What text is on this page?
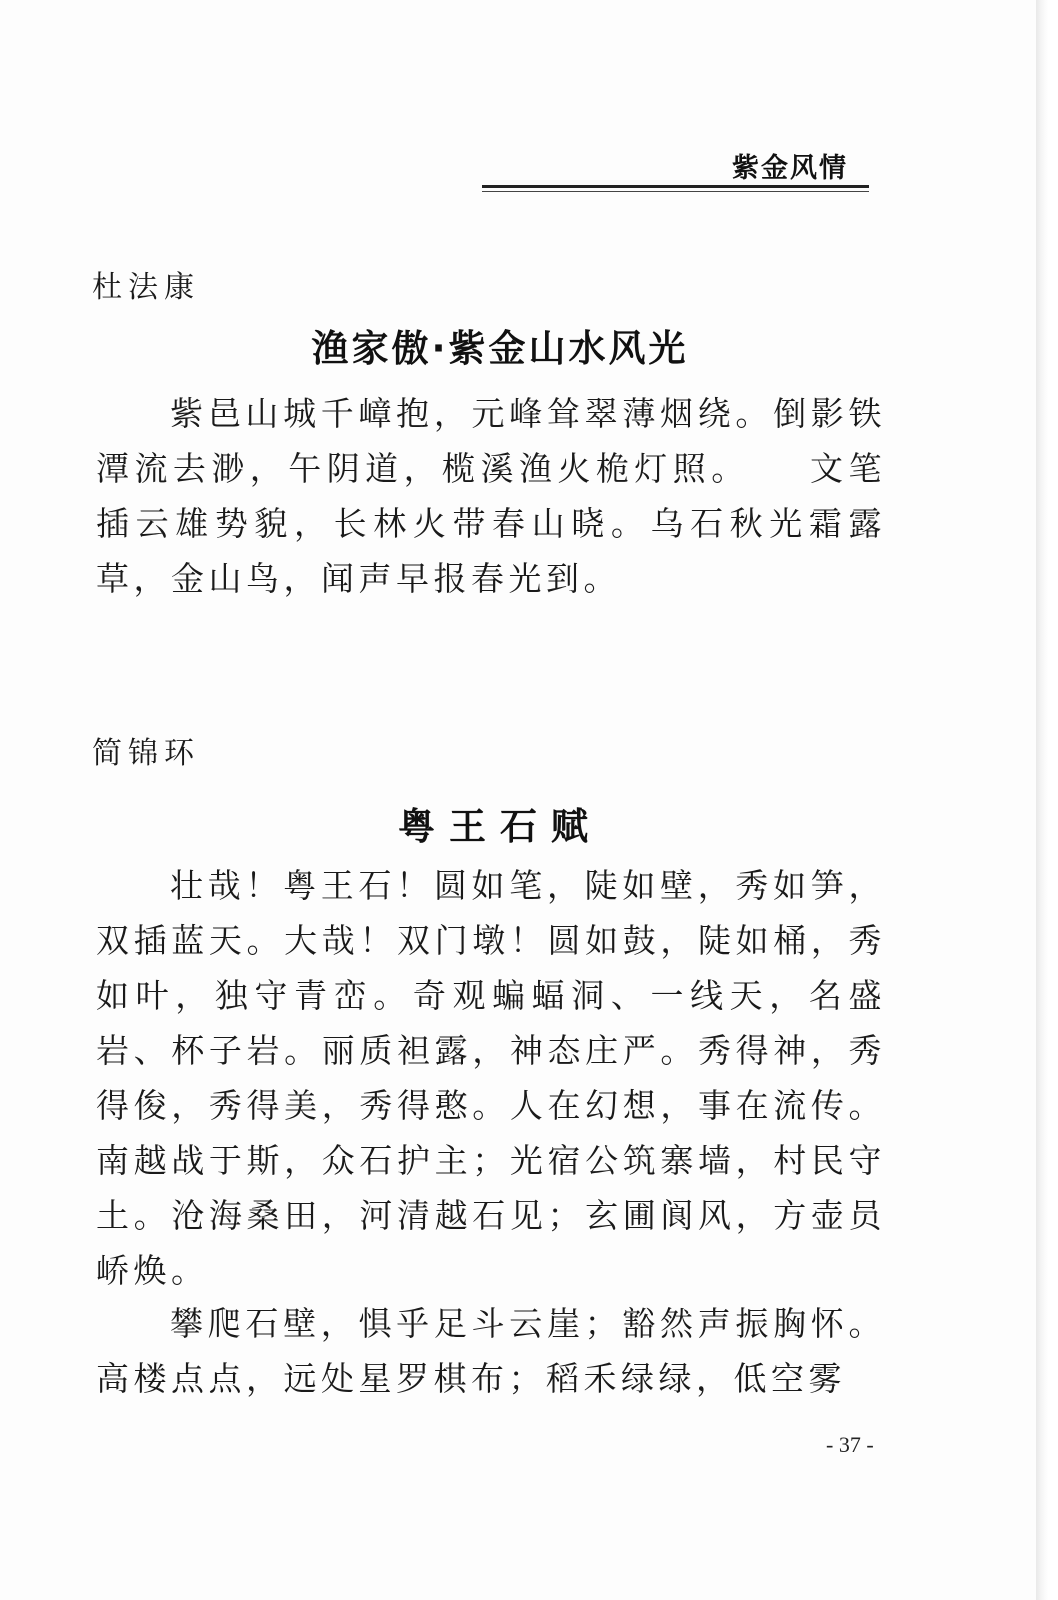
紫金风情
杜法康
渔家傲·紫金山水风光

紫邑山城千嶂抱，元峰耸翠薄烟绕。倒影铁潭流去渺，午阴道，榄溪渔火桅灯照。　　文笔插云雄势貌，长林火带春山晓。乌石秋光霜露草，金山鸟，闻声早报春光到。

简锦环
粤王石赋

壮哉！粤王石！圆如笔，陡如壁，秀如笋，双插蓝天。大哉！双门墩！圆如鼓，陡如桶，秀如叶，独守青峦。奇观蝙蝠洞、一线天，名盛岩、杯子岩。丽质袒露，神态庄严。秀得神，秀得俊，秀得美，秀得憨。人在幻想，事在流传。南越战于斯，众石护主；光宿公筑寨墙，村民守土。沧海桑田，河清越石见；玄圃阆风，方壶员峤焕。

攀爬石壁，惧乎足斗云崖；豁然声振胸怀。高楼点点，远处星罗棋布；稻禾绿绿，低空雾

- 37 -
